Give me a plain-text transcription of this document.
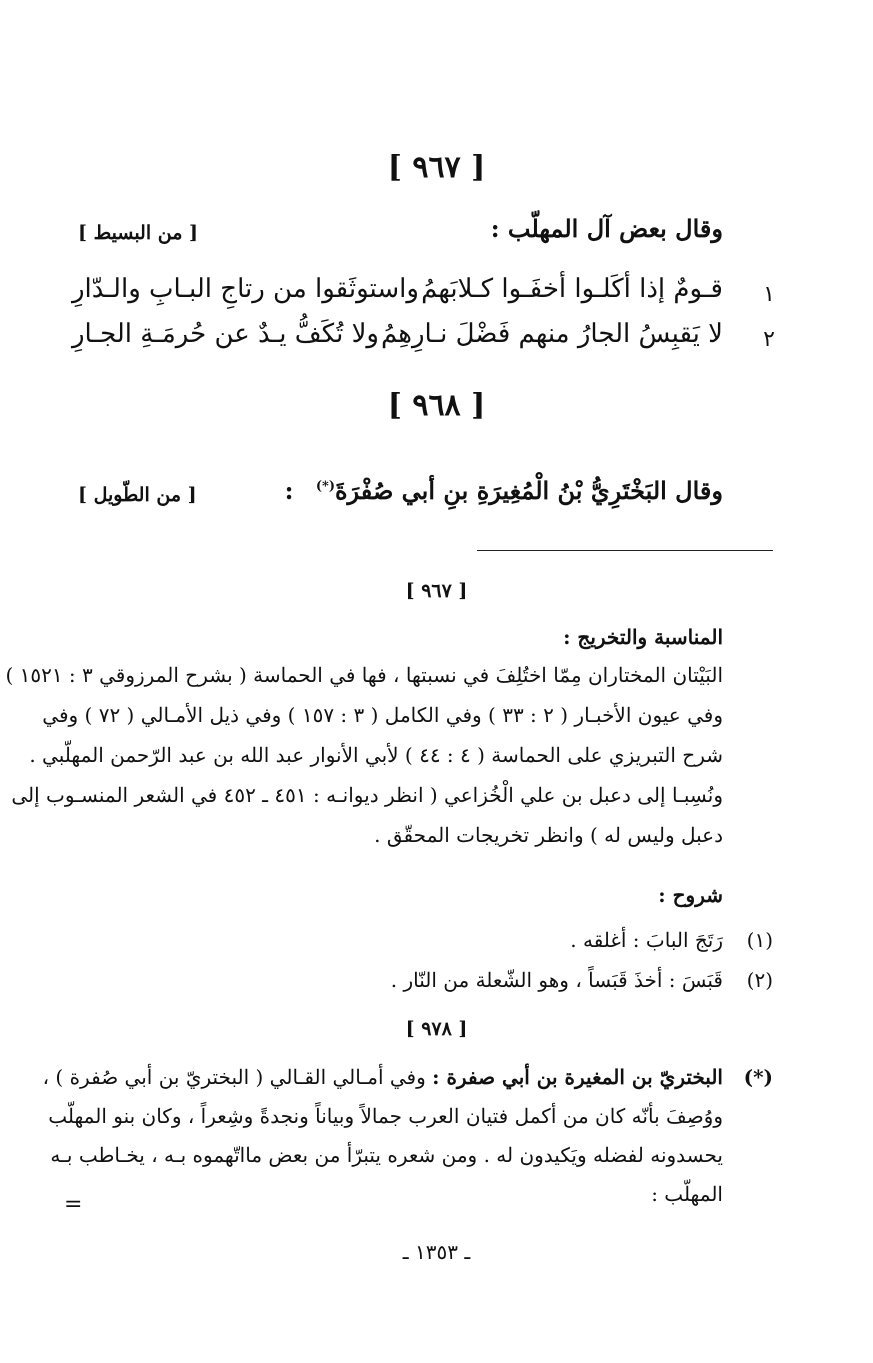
[ ٩٦٧ ]
وقال بعض آل المهلّب :
[ من البسيط ]
١
قـومٌ إذا أكَلـوا أخفَـوا كـلابَهمُ
واستوثَقوا من رتاجِ البـابِ والـدّارِ
٢
لا يَقبِسُ الجارُ منهم فَضْلَ نـارِهِمُ
ولا تُكَفُّ يـدٌ عن حُرمَـةِ الجـارِ
[ ٩٦٨ ]
وقال البَخْتَرِيُّ بْنُ الْمُغِيرَةِ بنِ أبي صُفْرَةَ(*) :
[ من الطّويل ]
[ ٩٦٧ ]
المناسبة والتخريج :
البَيْتان المختاران مِمّا اختُلِفَ في نسبتها ، فها في الحماسة ( بشرح المرزوقي ٣ : ١٥٢١ )
وفي عيون الأخبـار ( ٢ : ٣٣ ) وفي الكامل ( ٣ : ١٥٧ ) وفي ذيل الأمـالي ( ٧٢ ) وفي
شرح التبريزي على الحماسة ( ٤ : ٤٤ ) لأبي الأنوار عبد الله بن عبد الرّحمن المهلّبي .
ونُسِبـا إلى دعبل بن علي الْخُزاعي ( انظر ديوانـه : ٤٥١ ـ ٤٥٢ في الشعر المنسـوب إلى
دعبل وليس له ) وانظر تخريجات المحقّق .
شروح :
(١)
رَتَجَ البابَ : أغلقه .
(٢)
قَبَسَ : أخذَ قَبَساً ، وهو الشّعلة من النّار .
[ ٩٧٨ ]
(*)
البختريّ بن المغيرة بن أبي صفرة : وفي أمـالي القـالي ( البختريّ بن أبي صُفرة ) ،
ووُصِفَ بأنّه كان من أكمل فتيان العرب جمالاً وبياناً ونجدةً وشِعراً ، وكان بنو المهلّب
يحسدونه لفضله ويَكيدون له . ومن شعره يتبرّأ من بعض مااتّهموه بـه ، يخـاطب بـه
المهلّب :
=
ـ ١٣٥٣ ـ
